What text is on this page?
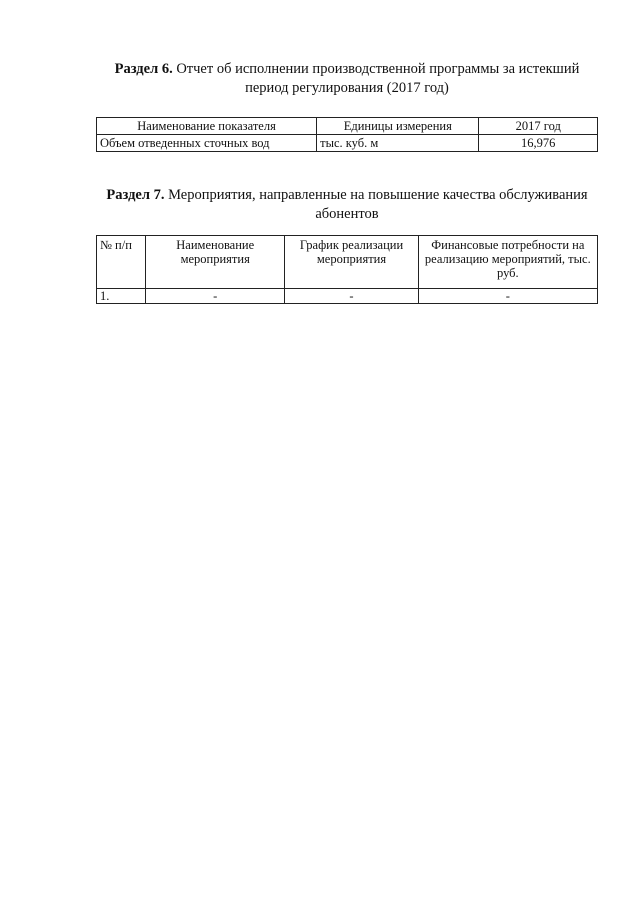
Раздел 6. Отчет об исполнении производственной программы за истекший период регулирования (2017 год)
Наименование показателя	Единицы измерения	2017 год
Объем отведенных сточных вод	тыс. куб. м	16,976
Раздел 7. Мероприятия, направленные на повышение качества обслуживания абонентов
№ п/п	Наименование мероприятия	График реализации мероприятия	Финансовые потребности на реализацию мероприятий, тыс. руб.
1.	-	-	-
